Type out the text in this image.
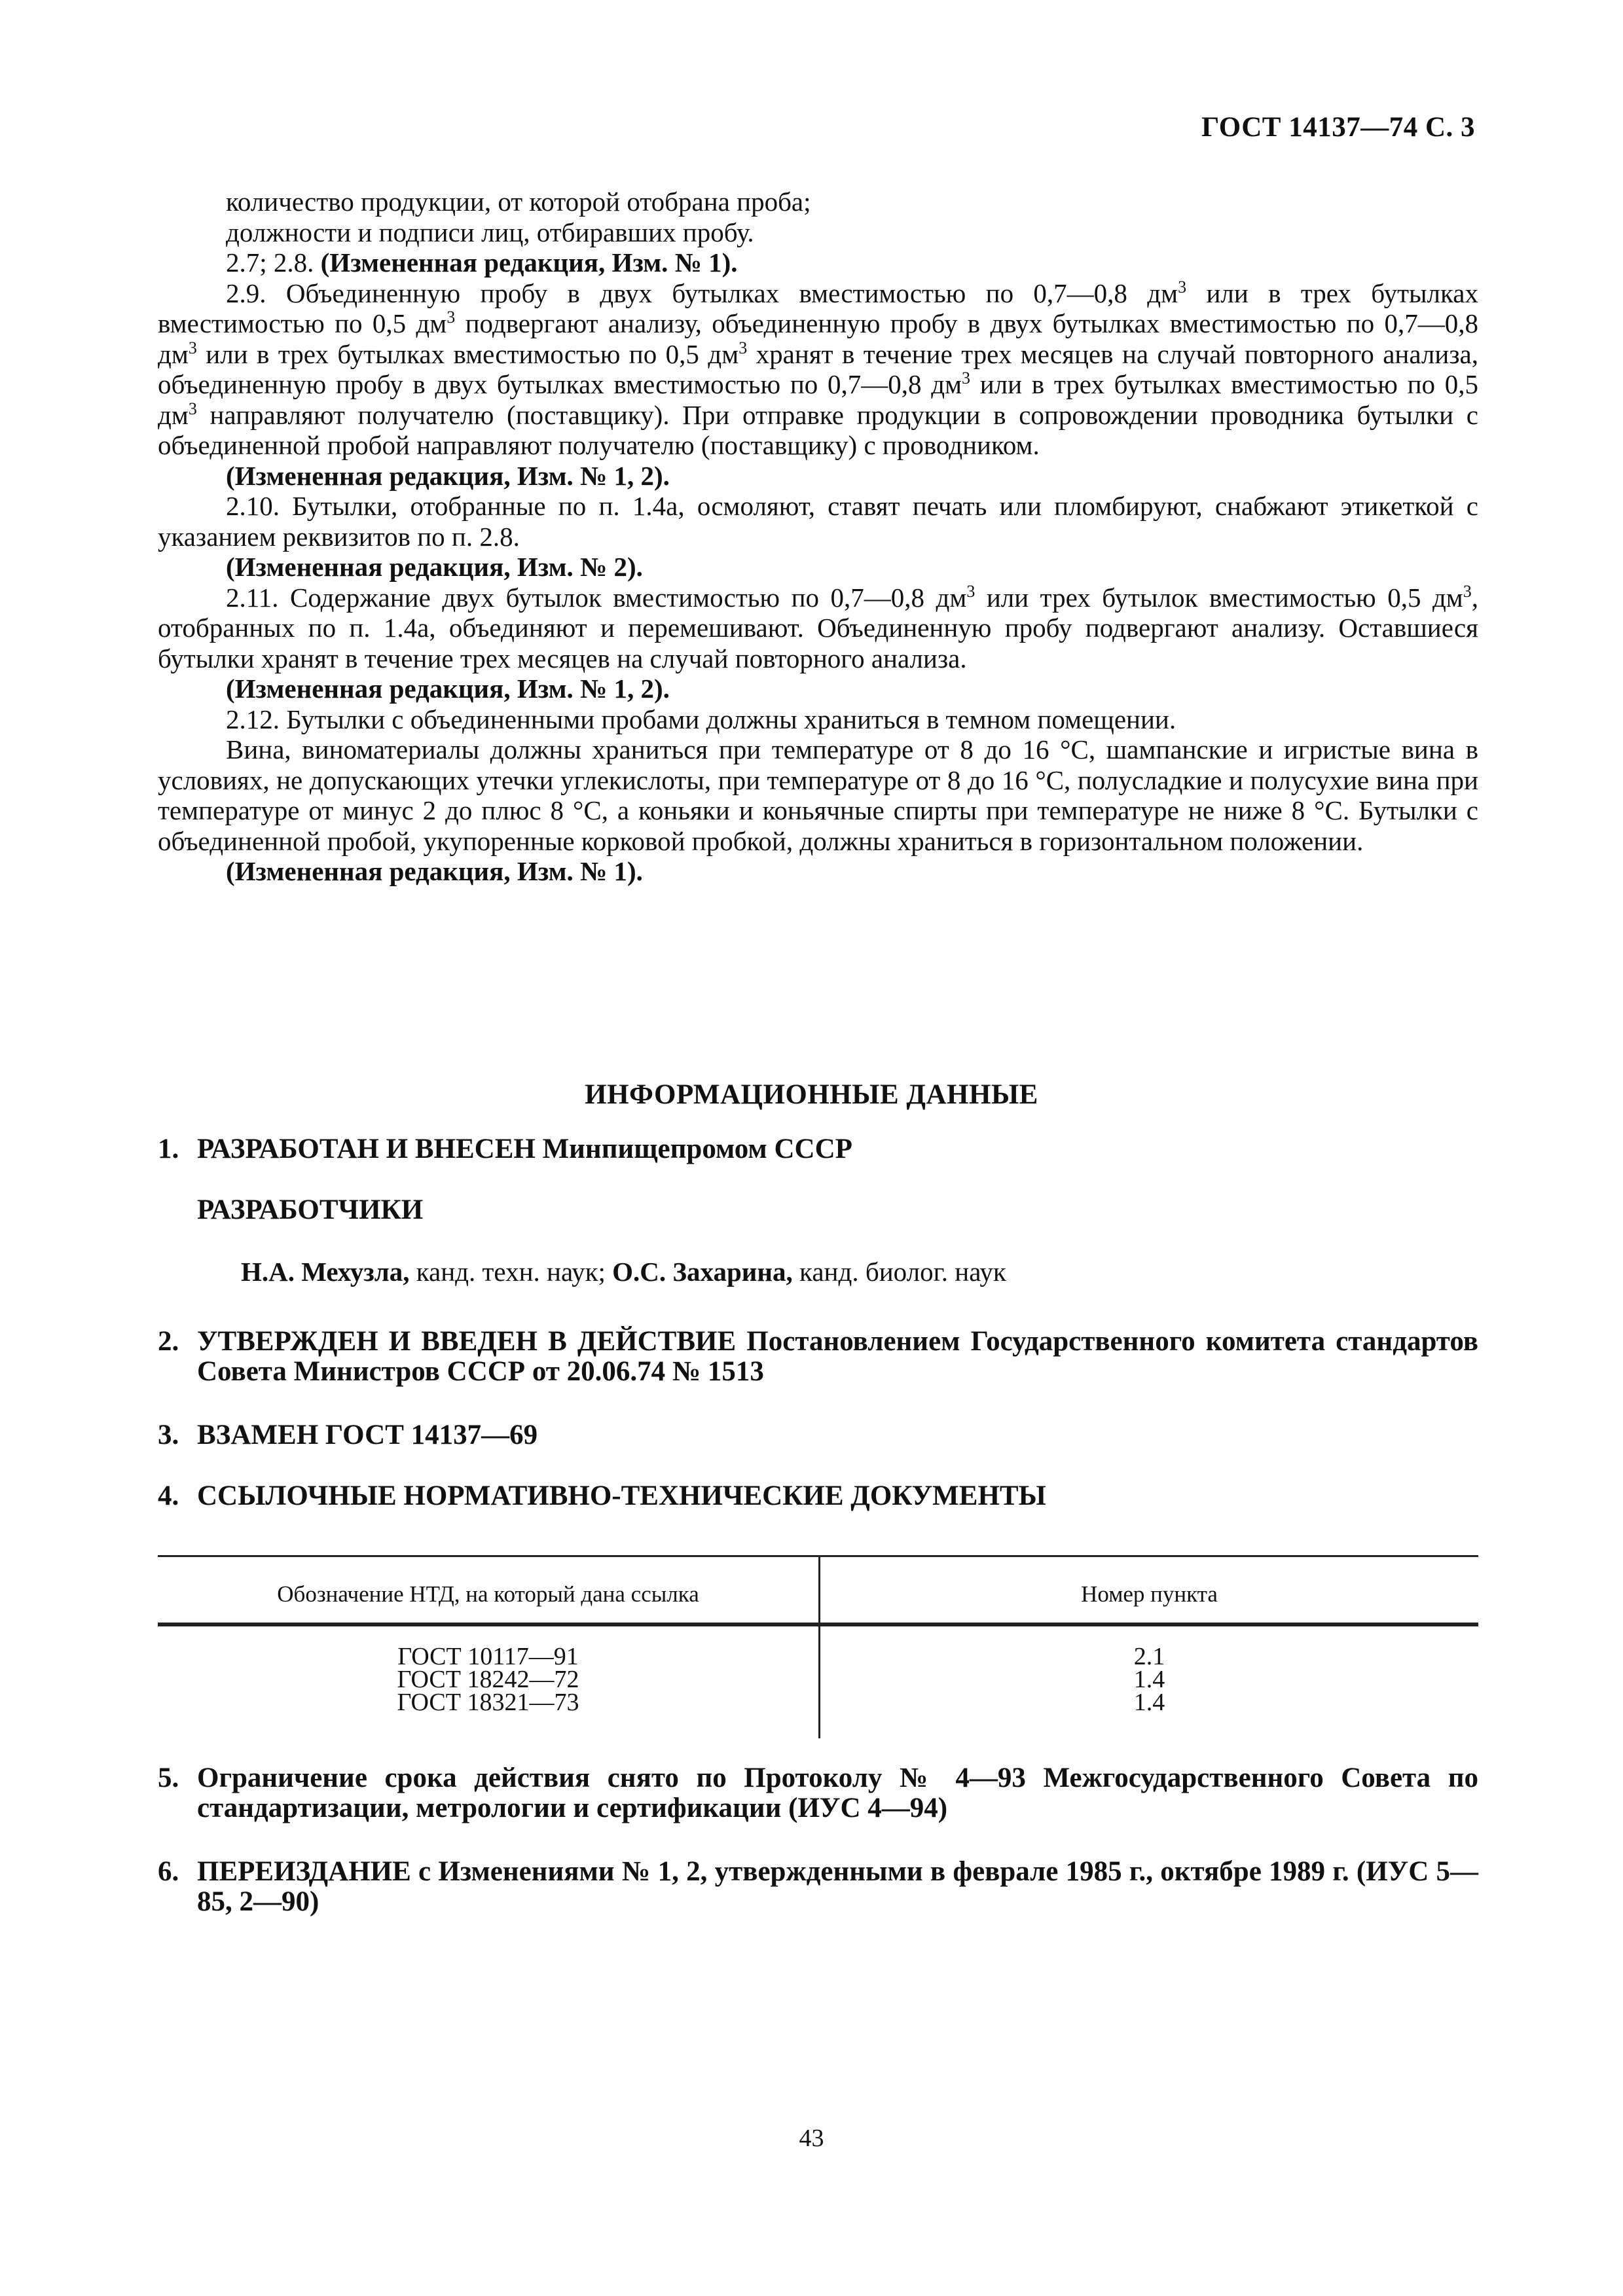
ГОСТ 14137—74 С. 3

количество продукции, от которой отобрана проба;

должности и подписи лиц, отбиравших пробу.

2.7; 2.8. (Измененная редакция, Изм. № 1).

2.9. Объединенную пробу в двух бутылках вместимостью по 0,7—0,8 $дм^3$ или в трех бутылках вместимостью по 0,5 $дм^3$ подвергают анализу, объединенную пробу в двух бутылках вместимостью по 0,7—0,8 $дм^3$ или в трех бутылках вместимостью по 0,5 $дм^3$ хранят в течение трех месяцев на случай повторного анализа, объединенную пробу в двух бутылках вместимостью по 0,7—0,8 $дм^3$ или в трех бутылках вместимостью по 0,5 $дм^3$ направляют получателю (поставщику). При отправке продукции в сопровождении проводника бутылки с объединенной пробой направляют получателю (поставщику) с проводником.

(Измененная редакция, Изм. № 1, 2).

2.10. Бутылки, отобранные по п. 1.4а, осмоляют, ставят печать или пломбируют, снабжают этикеткой с указанием реквизитов по п. 2.8.

(Измененная редакция, Изм. № 2).

2.11. Содержание двух бутылок вместимостью по 0,7—0,8 $дм^3$ или трех бутылок вместимостью 0,5 $дм^3$, отобранных по п. 1.4а, объединяют и перемешивают. Объединенную пробу подвергают анализу. Оставшиеся бутылки хранят в течение трех месяцев на случай повторного анализа.

(Измененная редакция, Изм. № 1, 2).

2.12. Бутылки с объединенными пробами должны храниться в темном помещении.

Вина, виноматериалы должны храниться при температуре от 8 до 16 °С, шампанские и игристые вина в условиях, не допускающих утечки углекислоты, при температуре от 8 до 16 °С, полусладкие и полусухие вина при температуре от минус 2 до плюс 8 °С, а коньяки и коньячные спирты при температуре не ниже 8 °С. Бутылки с объединенной пробой, укупоренные корковой пробкой, должны храниться в горизонтальном положении.

(Измененная редакция, Изм. № 1).

ИНФОРМАЦИОННЫЕ ДАННЫЕ
1. РАЗРАБОТАН И ВНЕСЕН Минпищепромом СССР
РАЗРАБОТЧИКИ
Н.А. Мехузла, канд. техн. наук; О.С. Захарина, канд. биолог. наук
2. УТВЕРЖДЕН И ВВЕДЕН В ДЕЙСТВИЕ Постановлением Государственного комитета стандартов Совета Министров СССР от 20.06.74 № 1513
3. ВЗАМЕН ГОСТ 14137—69
4. ССЫЛОЧНЫЕ НОРМАТИВНО-ТЕХНИЧЕСКИЕ ДОКУМЕНТЫ
5. Ограничение срока действия снято по Протоколу № 4—93 Межгосударственного Совета по стандартизации, метрологии и сертификации (ИУС 4—94)
6. ПЕРЕИЗДАНИЕ с Изменениями № 1, 2, утвержденными в феврале 1985 г., октябре 1989 г. (ИУС 5—85, 2—90)
Обозначение НТД, на который дана ссылка	Номер пункта
ГОСТ 10117—91
ГОСТ 18242—72
ГОСТ 18321—73
2.1
1.4
1.4
43
